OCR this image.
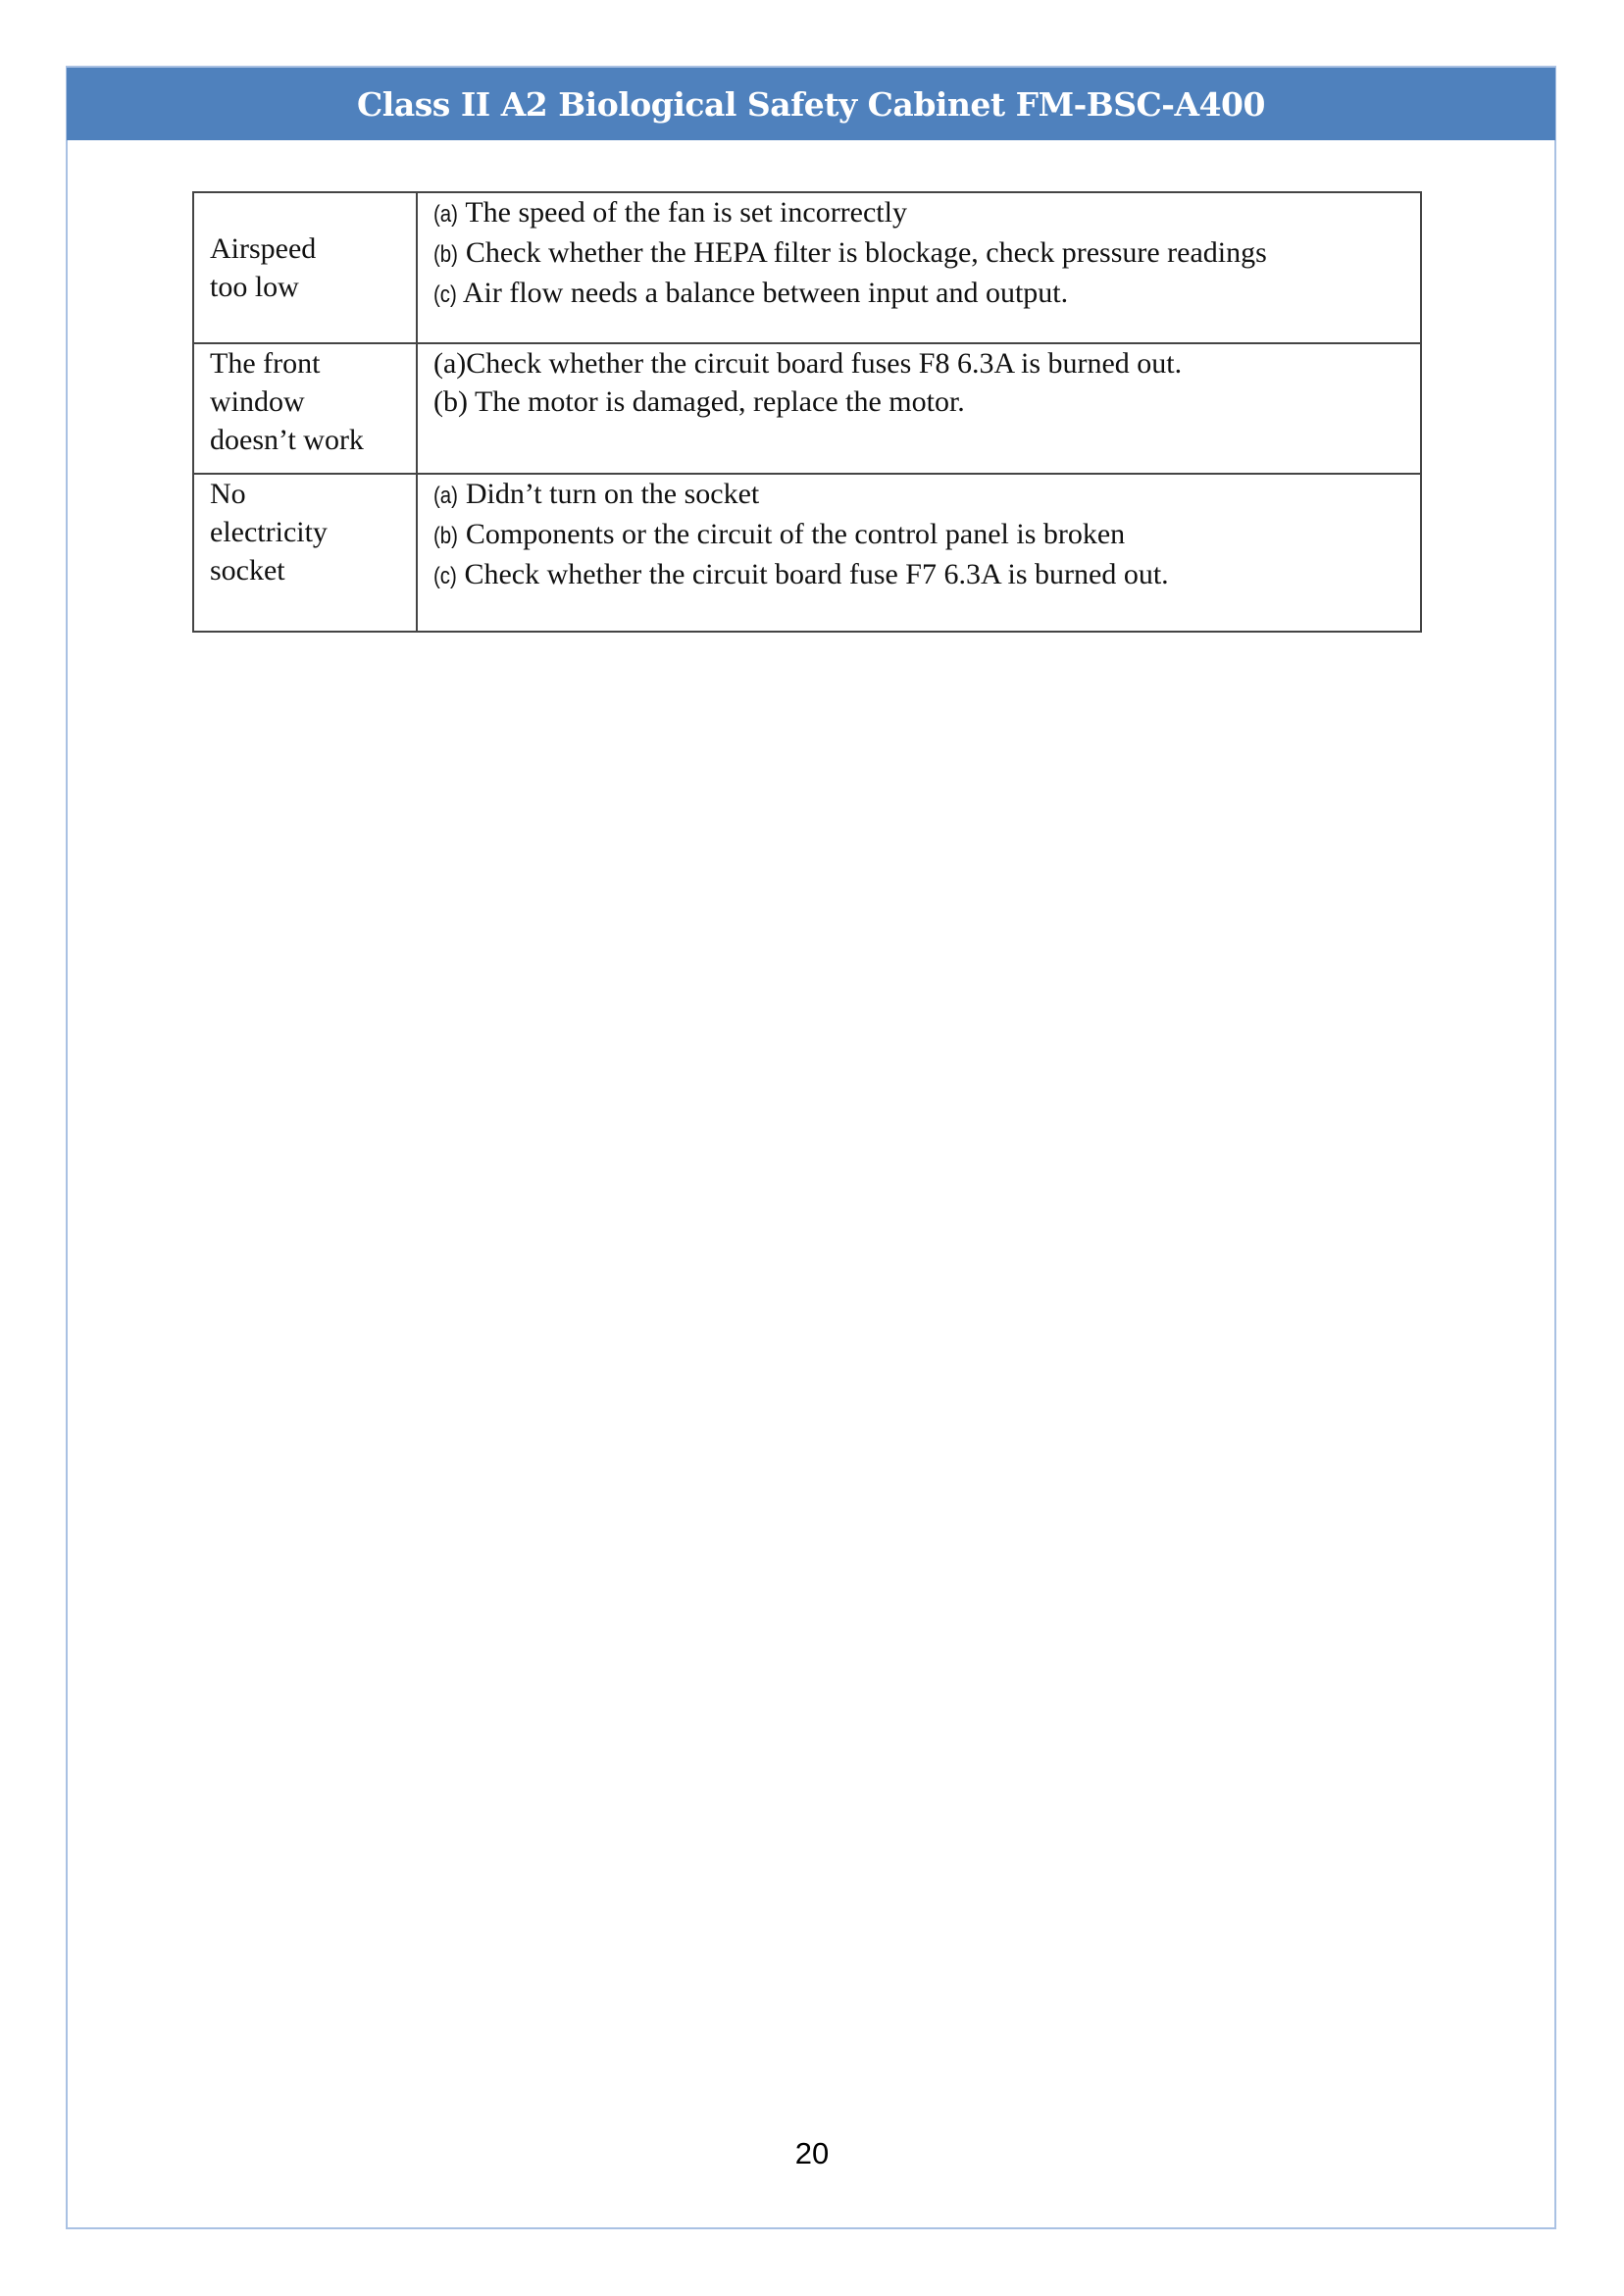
Class II A2 Biological Safety Cabinet FM-BSC-A400
Airspeed
too low	(a) The speed of the fan is set incorrectly
(b) Check whether the HEPA filter is blockage, check pressure readings
(c) Air flow needs a balance between input and output.

The front
window
doesn’t work	(a)Check whether the circuit board fuses F8 6.3A is burned out.
(b) The motor is damaged, replace the motor.

No
electricity
socket	(a) Didn’t turn on the socket
(b) Components or the circuit of the control panel is broken
(c) Check whether the circuit board fuse F7 6.3A is burned out.
20
